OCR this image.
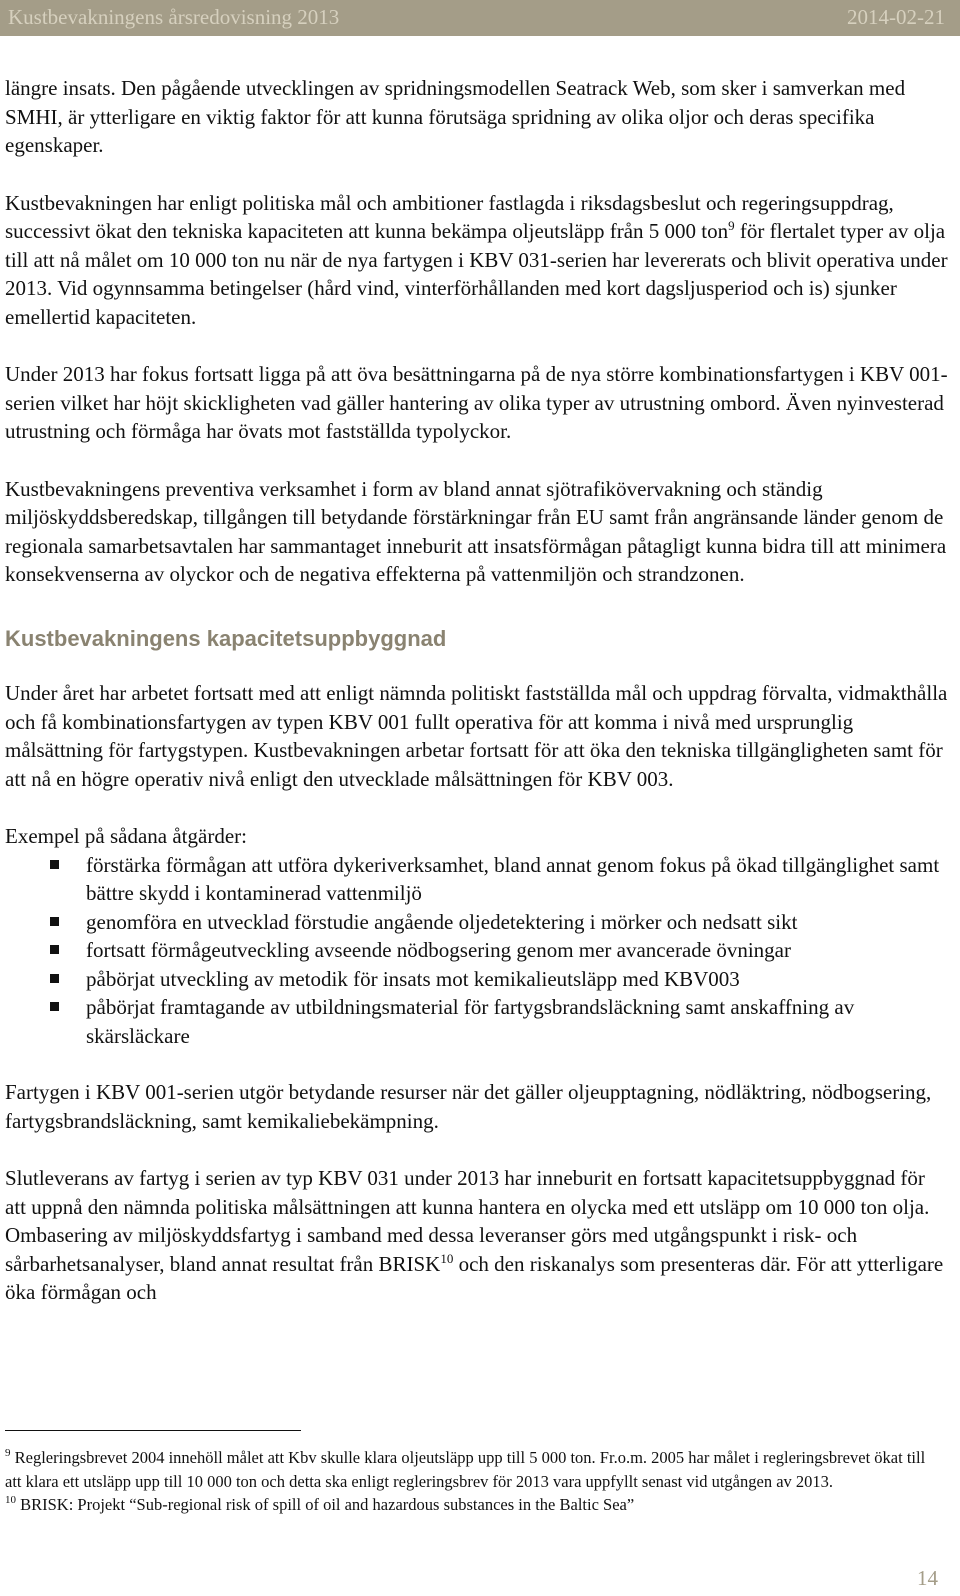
Kustbevakningens årsredovisning 2013	2014-02-21

längre insats. Den pågående utvecklingen av spridningsmodellen Seatrack Web, som sker i samverkan med SMHI, är ytterligare en viktig faktor för att kunna förutsäga spridning av olika oljor och deras specifika egenskaper.

Kustbevakningen har enligt politiska mål och ambitioner fastlagda i riksdagsbeslut och regeringsuppdrag, successivt ökat den tekniska kapaciteten att kunna bekämpa oljeutsläpp från 5 000 ton$^9$ för flertalet typer av olja till att nå målet om 10 000 ton nu när de nya fartygen i KBV 031-serien har levererats och blivit operativa under 2013. Vid ogynnsamma betingelser (hård vind, vinterförhållanden med kort dagsljusperiod och is) sjunker emellertid kapaciteten.

Under 2013 har fokus fortsatt ligga på att öva besättningarna på de nya större kombinationsfartygen i KBV 001-serien vilket har höjt skickligheten vad gäller hantering av olika typer av utrustning ombord. Även nyinvesterad utrustning och förmåga har övats mot fastställda typolyckor.

Kustbevakningens preventiva verksamhet i form av bland annat sjötrafikövervakning och ständig miljöskyddsberedskap, tillgången till betydande förstärkningar från EU samt från angränsande länder genom de regionala samarbetsavtalen har sammantaget inneburit att insatsförmågan påtagligt kunna bidra till att minimera konsekvenserna av olyckor och de negativa effekterna på vattenmiljön och strandzonen.

Kustbevakningens kapacitetsuppbyggnad

Under året har arbetet fortsatt med att enligt nämnda politiskt fastställda mål och uppdrag förvalta, vidmakthålla och få kombinationsfartygen av typen KBV 001 fullt operativa för att komma i nivå med ursprunglig målsättning för fartygstypen. Kustbevakningen arbetar fortsatt för att öka den tekniska tillgängligheten samt för att nå en högre operativ nivå enligt den utvecklade målsättningen för KBV 003.

Exempel på sådana åtgärder:

förstärka förmågan att utföra dykeriverksamhet, bland annat genom fokus på ökad tillgänglighet samt bättre skydd i kontaminerad vattenmiljö
genomföra en utvecklad förstudie angående oljedetektering i mörker och nedsatt sikt
fortsatt förmågeutveckling avseende nödbogsering genom mer avancerade övningar
påbörjat utveckling av metodik för insats mot kemikalieutsläpp med KBV003
påbörjat framtagande av utbildningsmaterial för fartygsbrandsläckning samt anskaffning av skärsläckare

Fartygen i KBV 001-serien utgör betydande resurser när det gäller oljeupptagning, nödläktring, nödbogsering, fartygsbrandsläckning, samt kemikaliebekämpning.

Slutleverans av fartyg i serien av typ KBV 031 under 2013 har inneburit en fortsatt kapacitetsuppbyggnad för att uppnå den nämnda politiska målsättningen att kunna hantera en olycka med ett utsläpp om 10 000 ton olja. Ombasering av miljöskyddsfartyg i samband med dessa leveranser görs med utgångspunkt i risk- och sårbarhetsanalyser, bland annat resultat från BRISK$^{10}$ och den riskanalys som presenteras där. För att ytterligare öka förmågan och

$^9$ Regleringsbrevet 2004 innehöll målet att Kbv skulle klara oljeutsläpp upp till 5 000 ton. Fr.o.m. 2005 har målet i regleringsbrevet ökat till att klara ett utsläpp upp till 10 000 ton och detta ska enligt regleringsbrev för 2013 vara uppfyllt senast vid utgången av 2013.

$^{10}$ BRISK: Projekt “Sub-regional risk of spill of oil and hazardous substances in the Baltic Sea”

14
